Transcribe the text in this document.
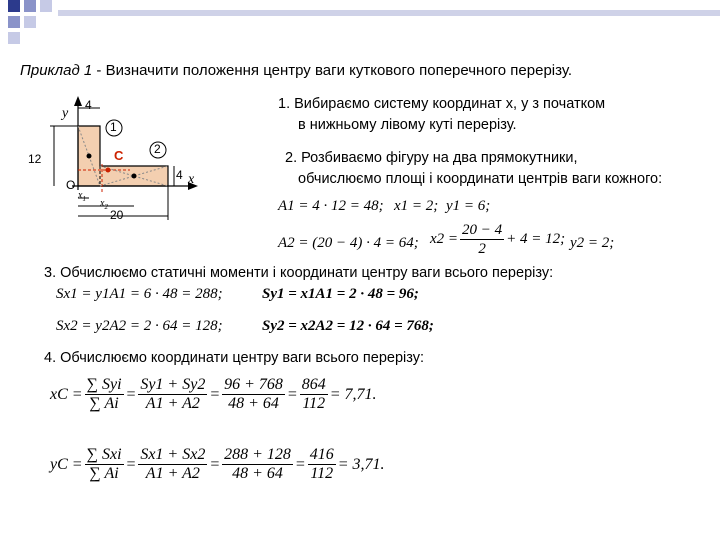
Приклад 1 - Визначити положення центру ваги куткового поперечного перерізу.
y
4
1
2
12	C
4 x
O
$x_1$ $x_2$
20
1. Вибираємо систему координат x, y з початком
в нижньому лівому куті перерізу.
2. Розбиваємо фігуру на два прямокутники,
обчислюємо площі і координати центрів ваги кожного:
A1 = 4 · 12 = 48; x1 = 2; y1 = 6;
A2 = (20 − 4) · 4 = 64; $x2 = \frac{20 - 4}{2} + 4 = 12$; y2 = 2;
3. Обчислюємо статичні моменти і координати центру ваги всього перерізу:
Sx1 = y1A1 = 6 · 48 = 288;	Sy1 = x1A1 = 2 · 48 = 96;
Sx2 = y2A2 = 2 · 64 = 128;	Sy2 = x2A2 = 12 · 64 = 768;
4. Обчислюємо координати центру ваги всього перерізу:
xC = $\frac{\text{∑ Syi}}{\sum Ai} = \frac{Sy1 + Sy2}{A1 + A2} = \frac{96 + 768}{48 + 64} = \frac{864}{112} = 7,71$.
yC = $\frac{\text{∑ Sxi}}{\sum Ai} = \frac{Sx1 + Sx2}{A1 + A2} = \frac{288 + 128}{48 + 64} = \frac{416}{112} = 3,71$.
